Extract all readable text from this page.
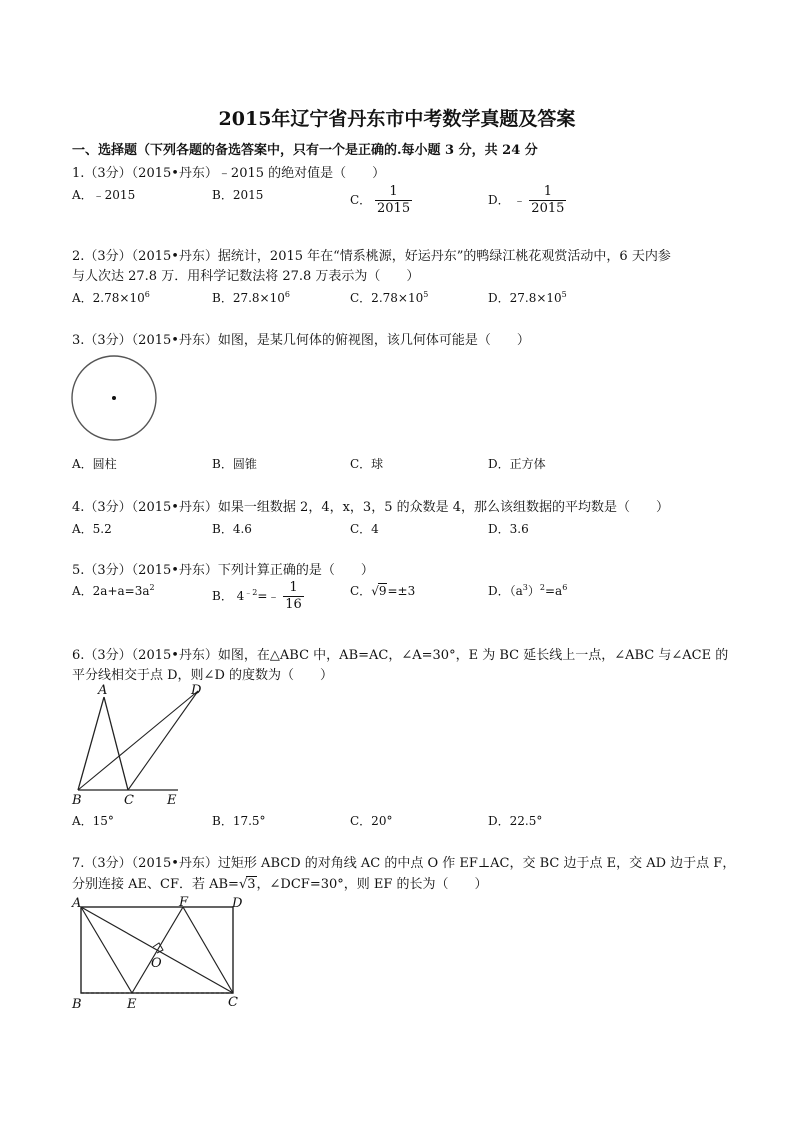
2015年辽宁省丹东市中考数学真题及答案
一、选择题（下列各题的备选答案中，只有一个是正确的.每小题 3 分，共 24 分
1.（3分）（2015•丹东）﹣2015 的绝对值是（　　）
A．﹣2015	B．2015	C． $\frac{1}{2015}$	D． ﹣ $\frac{1}{2015}$
2.（3分）（2015•丹东）据统计，2015 年在“情系桃源，好运丹东”的鸭绿江桃花观赏活动中，6 天内参
与人次达 27.8 万．用科学记数法将 27.8 万表示为（　　）
A．$2.78\times 10^6$	B．$27.8\times 10^6$	C．$2.78\times 10^5$	D．$27.8\times 10^5$
3.（3分）（2015•丹东）如图，是某几何体的俯视图，该几何体可能是（　　）
A．圆柱	B．圆锥	C．球	D．正方体
4.（3分）（2015•丹东）如果一组数据 2，4，x，3，5 的众数是 4，那么该组数据的平均数是（　　）
A．5.2	B．4.6	C．4	D．3.6
5.（3分）（2015•丹东）下列计算正确的是（　　）
A．$2a+a=3a^2$
B． $4^{﹣2}=﹣ \frac{1}{16}$	C．√9=±3	D．$(a^3)^2=a^6$
6.（3分）（2015•丹东）如图，在△ABC 中，AB=AC，∠A=30°，E 为 BC 延长线上一点，∠ABC 与∠ACE 的
平分线相交于点 D，则∠D 的度数为（　　）
A	D
B	C	E
A．15°	B．17.5°	C．20°	D．22.5°
7.（3分）（2015•丹东）过矩形 ABCD 的对角线 AC 的中点 O 作 EF⊥AC，交 BC 边于点 E，交 AD 边于点 F，
分别连接 AE、CF．若 AB=√3，∠DCF=30°，则 EF 的长为（　　）
A	F	D
O
B	E	C
